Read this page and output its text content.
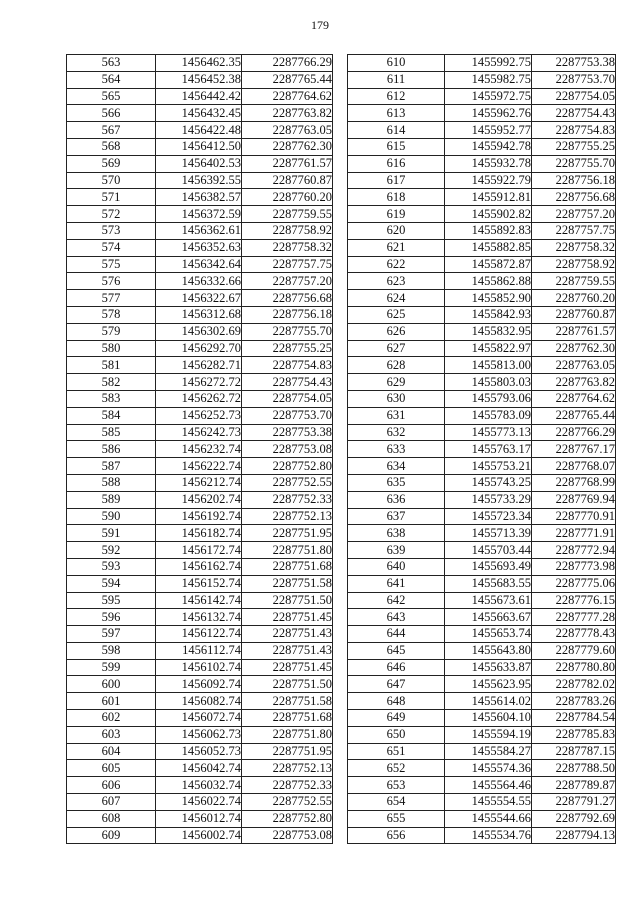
179
563	1456462.35	2287766.29
564	1456452.38	2287765.44
565	1456442.42	2287764.62
566	1456432.45	2287763.82
567	1456422.48	2287763.05
568	1456412.50	2287762.30
569	1456402.53	2287761.57
570	1456392.55	2287760.87
571	1456382.57	2287760.20
572	1456372.59	2287759.55
573	1456362.61	2287758.92
574	1456352.63	2287758.32
575	1456342.64	2287757.75
576	1456332.66	2287757.20
577	1456322.67	2287756.68
578	1456312.68	2287756.18
579	1456302.69	2287755.70
580	1456292.70	2287755.25
581	1456282.71	2287754.83
582	1456272.72	2287754.43
583	1456262.72	2287754.05
584	1456252.73	2287753.70
585	1456242.73	2287753.38
586	1456232.74	2287753.08
587	1456222.74	2287752.80
588	1456212.74	2287752.55
589	1456202.74	2287752.33
590	1456192.74	2287752.13
591	1456182.74	2287751.95
592	1456172.74	2287751.80
593	1456162.74	2287751.68
594	1456152.74	2287751.58
595	1456142.74	2287751.50
596	1456132.74	2287751.45
597	1456122.74	2287751.43
598	1456112.74	2287751.43
599	1456102.74	2287751.45
600	1456092.74	2287751.50
601	1456082.74	2287751.58
602	1456072.74	2287751.68
603	1456062.73	2287751.80
604	1456052.73	2287751.95
605	1456042.74	2287752.13
606	1456032.74	2287752.33
607	1456022.74	2287752.55
608	1456012.74	2287752.80
609	1456002.74	2287753.08
610	1455992.75	2287753.38
611	1455982.75	2287753.70
612	1455972.75	2287754.05
613	1455962.76	2287754.43
614	1455952.77	2287754.83
615	1455942.78	2287755.25
616	1455932.78	2287755.70
617	1455922.79	2287756.18
618	1455912.81	2287756.68
619	1455902.82	2287757.20
620	1455892.83	2287757.75
621	1455882.85	2287758.32
622	1455872.87	2287758.92
623	1455862.88	2287759.55
624	1455852.90	2287760.20
625	1455842.93	2287760.87
626	1455832.95	2287761.57
627	1455822.97	2287762.30
628	1455813.00	2287763.05
629	1455803.03	2287763.82
630	1455793.06	2287764.62
631	1455783.09	2287765.44
632	1455773.13	2287766.29
633	1455763.17	2287767.17
634	1455753.21	2287768.07
635	1455743.25	2287768.99
636	1455733.29	2287769.94
637	1455723.34	2287770.91
638	1455713.39	2287771.91
639	1455703.44	2287772.94
640	1455693.49	2287773.98
641	1455683.55	2287775.06
642	1455673.61	2287776.15
643	1455663.67	2287777.28
644	1455653.74	2287778.43
645	1455643.80	2287779.60
646	1455633.87	2287780.80
647	1455623.95	2287782.02
648	1455614.02	2287783.26
649	1455604.10	2287784.54
650	1455594.19	2287785.83
651	1455584.27	2287787.15
652	1455574.36	2287788.50
653	1455564.46	2287789.87
654	1455554.55	2287791.27
655	1455544.66	2287792.69
656	1455534.76	2287794.13
